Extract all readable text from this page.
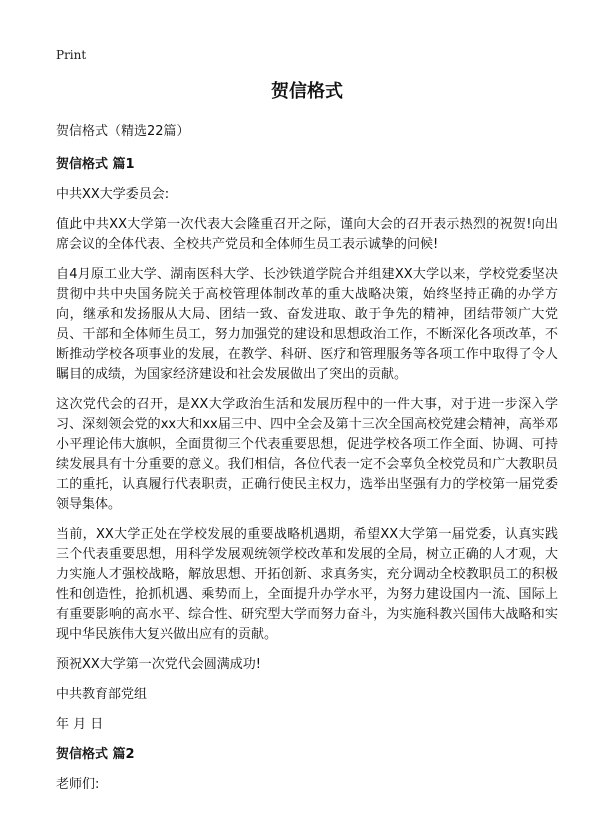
Print
贺信格式

贺信格式（精选22篇）

贺信格式 篇1

中共XX大学委员会:

值此中共XX大学第一次代表大会隆重召开之际，谨向大会的召开表示热烈的祝贺!向出席会议的全体代表、全校共产党员和全体师生员工表示诚挚的问候!

自4月原工业大学、湖南医科大学、长沙铁道学院合并组建XX大学以来，学校党委坚决贯彻中共中央国务院关于高校管理体制改革的重大战略决策，始终坚持正确的办学方向，继承和发扬服从大局、团结一致、奋发进取、敢于争先的精神，团结带领广大党员、干部和全体师生员工，努力加强党的建设和思想政治工作，不断深化各项改革，不断推动学校各项事业的发展，在教学、科研、医疗和管理服务等各项工作中取得了令人瞩目的成绩，为国家经济建设和社会发展做出了突出的贡献。

这次党代会的召开，是XX大学政治生活和发展历程中的一件大事，对于进一步深入学习、深刻领会党的xx大和xx届三中、四中全会及第十三次全国高校党建会精神，高举邓小平理论伟大旗帜，全面贯彻三个代表重要思想，促进学校各项工作全面、协调、可持续发展具有十分重要的意义。我们相信，各位代表一定不会辜负全校党员和广大教职员工的重托，认真履行代表职责，正确行使民主权力，选举出坚强有力的学校第一届党委领导集体。

当前，XX大学正处在学校发展的重要战略机遇期，希望XX大学第一届党委，认真实践三个代表重要思想，用科学发展观统领学校改革和发展的全局，树立正确的人才观，大力实施人才强校战略，解放思想、开拓创新、求真务实，充分调动全校教职员工的积极性和创造性，抢抓机遇、乘势而上，全面提升办学水平，为努力建设国内一流、国际上有重要影响的高水平、综合性、研究型大学而努力奋斗，为实施科教兴国伟大战略和实现中华民族伟大复兴做出应有的贡献。

预祝XX大学第一次党代会圆满成功!

中共教育部党组

年 月 日

贺信格式 篇2

老师们:
